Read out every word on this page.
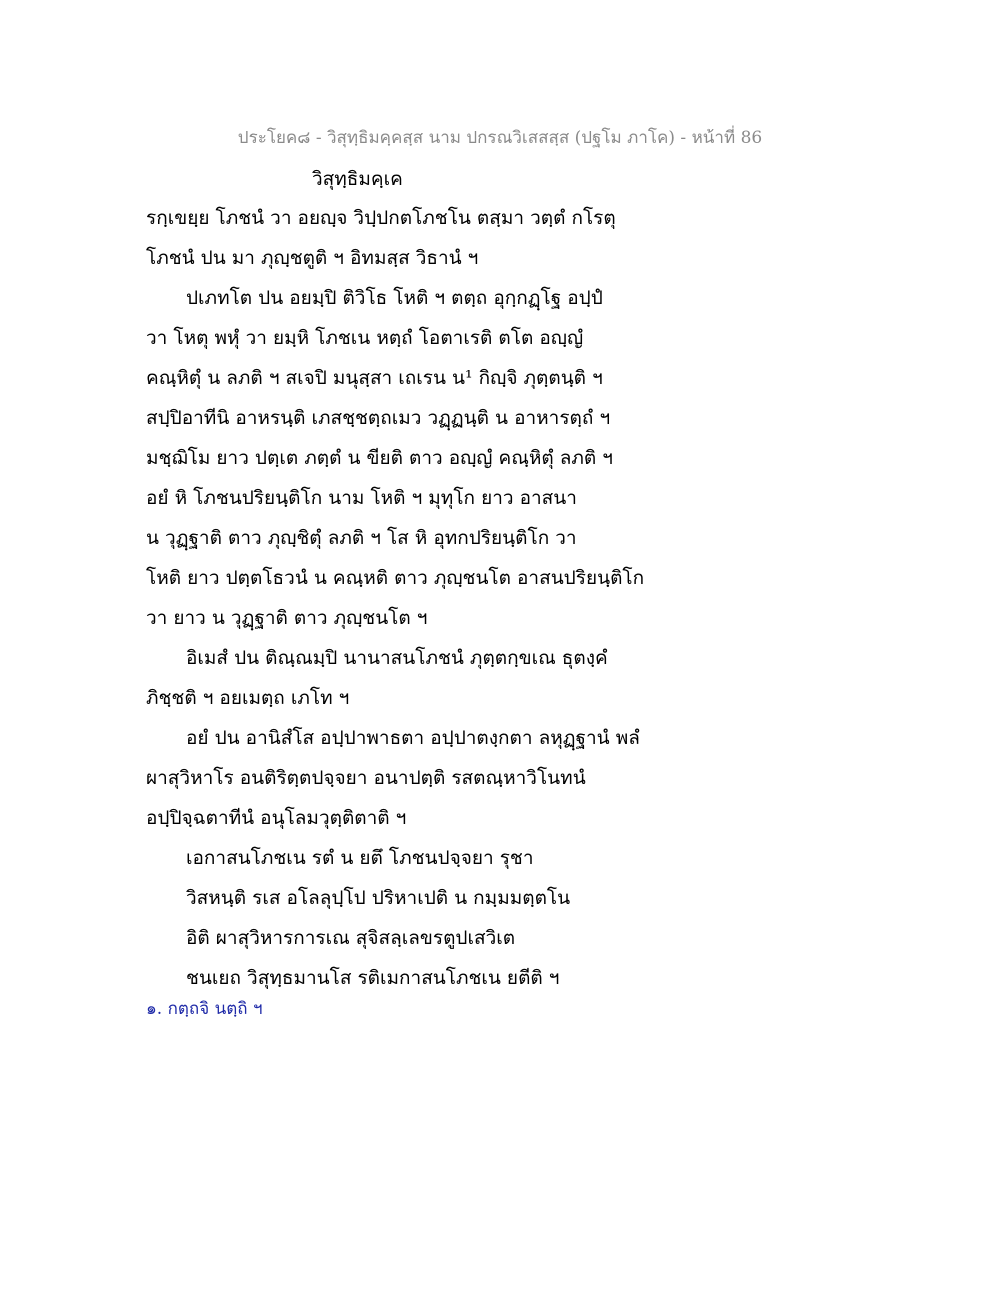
ประโยค๘ - วิสุทฺธิมคฺคสฺส นาม ปกรณวิเสสสฺส (ปฐโม ภาโค) - หน้าที่ 86
วิสุทฺธิมคฺเค
รกฺเขยฺย โภชนํ วา อยญฺจ วิปฺปกตโภชโน ตสฺมา วตฺตํ กโรตุ
โภชนํ ปน มา ภุญฺชตูติ ฯ อิทมสฺส วิธานํ ฯ
ปเภทโต ปน อยมฺปิ ติวิโธ โหติ ฯ ตตฺถ อุกฺกฏฺโฐ อปฺปํ
วา โหตุ พหุํ วา ยมฺหิ โภชเน หตฺถํ โอตาเรติ ตโต อญฺญํ
คณฺหิตุํ น ลภติ ฯ สเจปิ มนุสฺสา เถเรน น¹ กิญฺจิ ภุตฺตนฺติ ฯ
สปฺปิอาทีนิ อาหรนฺติ เภสชฺชตฺถเมว วฏฺฏนฺติ น อาหารตฺถํ ฯ
มชฺฌิโม ยาว ปตฺเต ภตฺตํ น ขียติ ตาว อญฺญํ คณฺหิตุํ ลภติ ฯ
อยํ หิ โภชนปริยนฺติโก นาม โหติ ฯ มุทุโก ยาว อาสนา
น วุฏฺฐาติ ตาว ภุญฺชิตุํ ลภติ ฯ โส หิ อุทกปริยนฺติโก วา
โหติ ยาว ปตฺตโธวนํ น คณฺหติ ตาว ภุญฺชนโต อาสนปริยนฺติโก
วา ยาว น วุฏฺฐาติ ตาว ภุญฺชนโต ฯ
อิเมสํ ปน ติณฺณมฺปิ นานาสนโภชนํ ภุตฺตกฺขเณ ธุตงฺคํ
ภิชฺชติ ฯ อยเมตฺถ เภโท ฯ
อยํ ปน อานิสํโส อปฺปาพาธตา อปฺปาตงฺกตา ลหุฏฺฐานํ พลํ
ผาสุวิหาโร อนติริตฺตปจฺจยา อนาปตฺติ รสตณฺหาวิโนทนํ
อปฺปิจฺฉตาทีนํ อนุโลมวุตฺติตาติ ฯ
เอกาสนโภชเน รตํ น ยตึ โภชนปจฺจยา รุชา
วิสหนฺติ รเส อโลลุปฺโป ปริหาเปติ น กมฺมมตฺตโน
อิติ ผาสุวิหารการเณ สุจิสลฺเลขรตูปเสวิเต
ชนเยถ วิสุทฺธมานโส รติเมกาสนโภชเน ยตีติ ฯ
๑. กตฺถจิ นตฺถิ ฯ
